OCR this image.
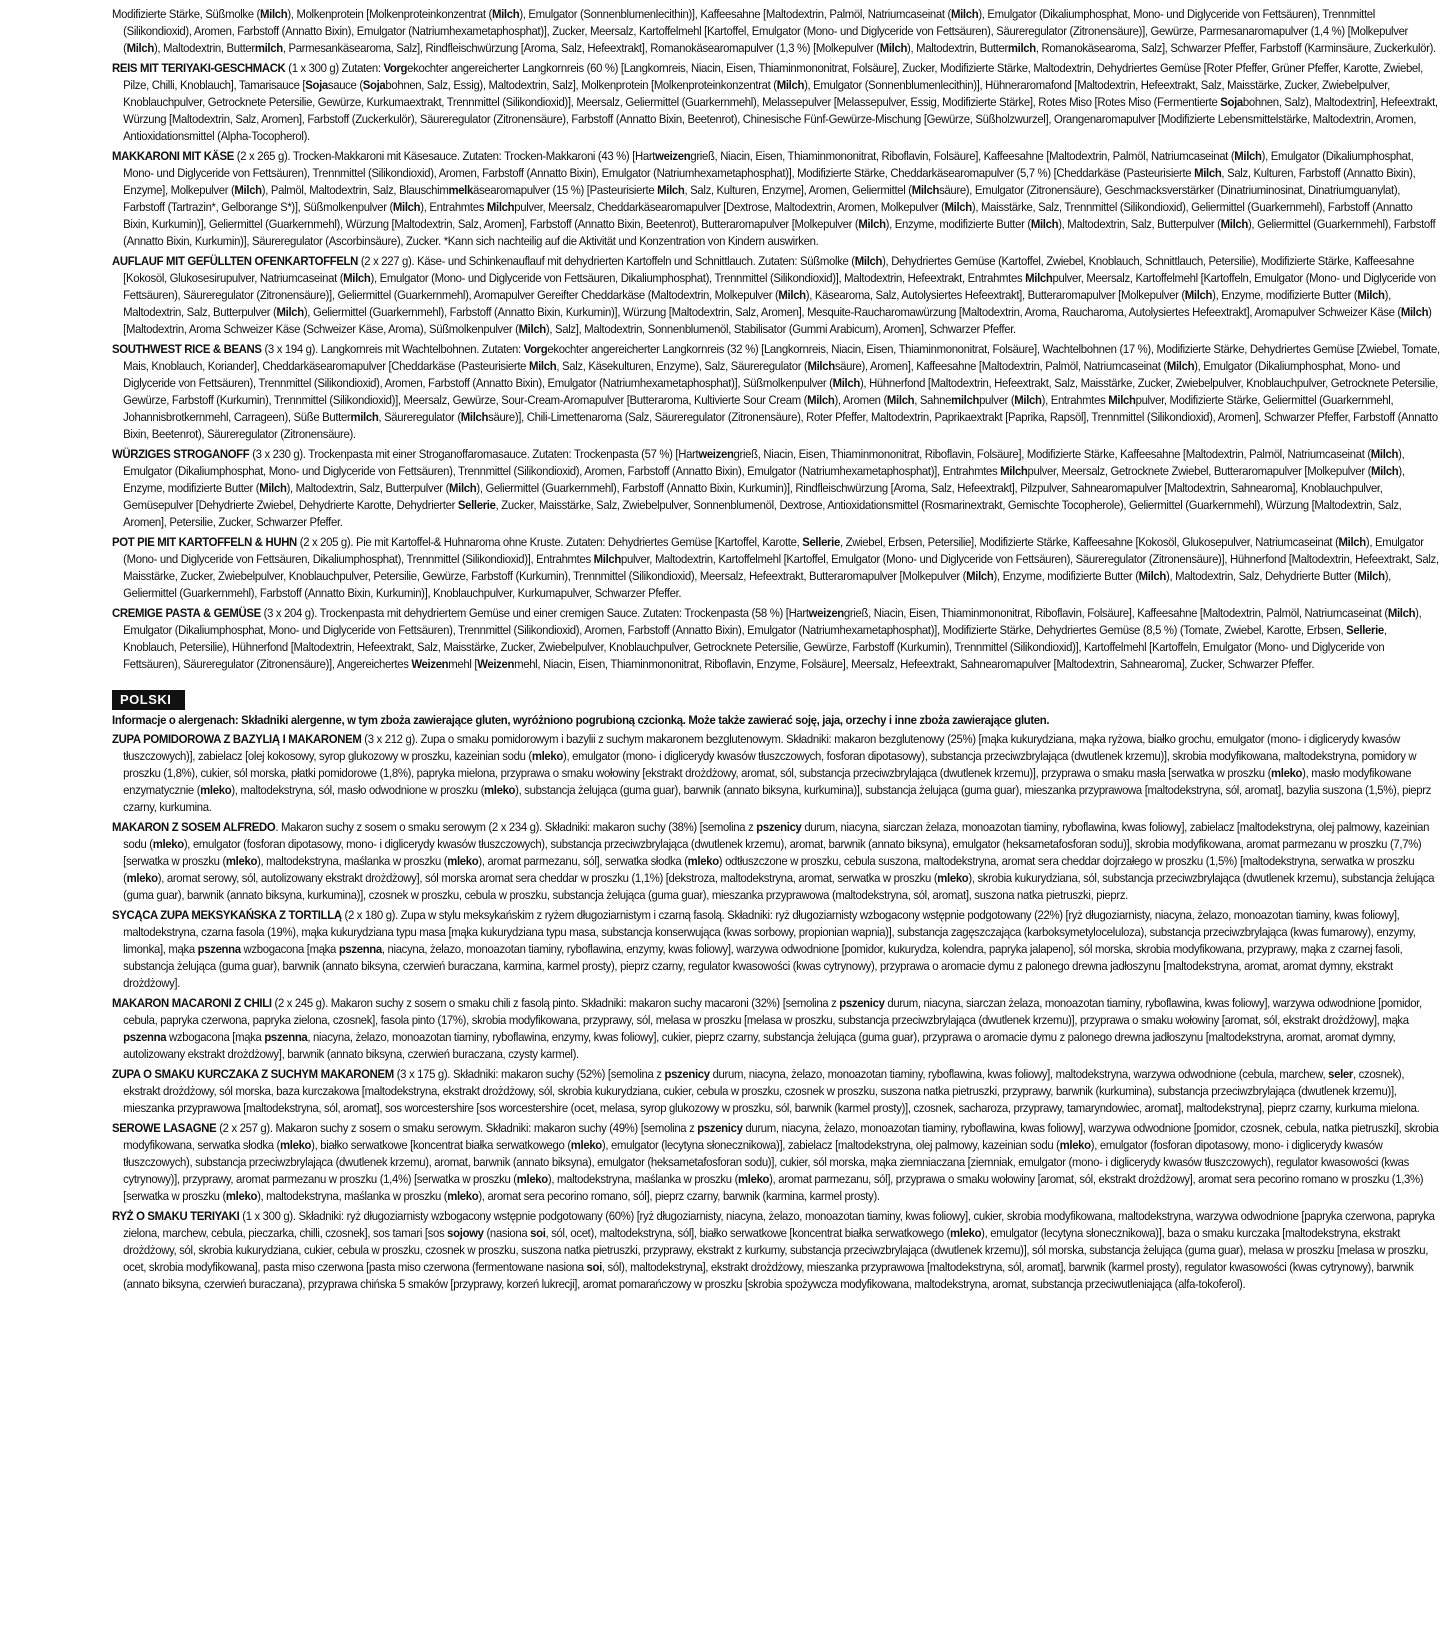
Modifizierte Stärke, Süßmolke (Milch), Molkenprotein [Molkenproteinkonzentrat (Milch), Emulgator (Sonnenblumenlecithin)], Kaffeesahne [Maltodextrin, Palmöl, Natriumcaseinat (Milch), Emulgator (Dikaliumphosphat, Mono- und Diglyceride von Fettsäuren), Trennmittel (Silikondioxid), Aromen, Farbstoff (Annatto Bixin), Emulgator (Natriumhexametaphosphat)], Zucker, Meersalz, Kartoffelmehl [Kartoffel, Emulgator (Mono- und Diglyceride von Fettsäuren), Säureregulator (Zitronensäure)], Gewürze, Parmesanaromapulver (1,4 %) [Molkepulver (Milch), Maltodextrin, Buttermilch, Parmesankäsearoma, Salz], Rindfleischwürzung [Aroma, Salz, Hefeextrakt], Romanokäsearomapulver (1,3 %) [Molkepulver (Milch), Maltodextrin, Buttermilch, Romanokäsearoma, Salz], Schwarzer Pfeffer, Farbstoff (Karminsäure, Zuckerkulör).

REIS MIT TERIYAKI-GESCHMACK (1 x 300 g) Zutaten: Vorgekochter angereicherter Langkornreis (60 %) [Langkornreis, Niacin, Eisen, Thiaminmononitrat, Folsäure], Zucker, Modifizierte Stärke, Maltodextrin, Dehydriertes Gemüse [Roter Pfeffer, Grüner Pfeffer, Karotte, Zwiebel, Pilze, Chilli, Knoblauch], Tamarisauce [Sojasauce (Sojabohnen, Salz, Essig), Maltodextrin, Salz], Molkenprotein [Molkenproteinkonzentrat (Milch), Emulgator (Sonnenblumenlecithin)], Hühneraromafond [Maltodextrin, Hefeextrakt, Salz, Maisstärke, Zucker, Zwiebelpulver, Knoblauchpulver, Getrocknete Petersilie, Gewürze, Kurkumaextrakt, Trennmittel (Silikondioxid)], Meersalz, Geliermittel (Guarkernmehl), Melassepulver [Melassepulver, Essig, Modifizierte Stärke], Rotes Miso [Rotes Miso (Fermentierte Sojabohnen, Salz), Maltodextrin], Hefeextrakt, Würzung [Maltodextrin, Salz, Aromen], Farbstoff (Zuckerkulör), Säureregulator (Zitronensäure), Farbstoff (Annatto Bixin, Beetenrot), Chinesische Fünf-Gewürze-Mischung [Gewürze, Süßholzwurzel], Orangenaromapulver [Modifizierte Lebensmittelstärke, Maltodextrin, Aromen, Antioxidationsmittel (Alpha-Tocopherol).

MAKKARONI MIT KÄSE (2 x 265 g). Trocken-Makkaroni mit Käsesauce. Zutaten: Trocken-Makkaroni (43 %) [Hartweizengrieß, Niacin, Eisen, Thiaminmononitrat, Riboflavin, Folsäure], Kaffeesahne [Maltodextrin, Palmöl, Natriumcaseinat (Milch), Emulgator (Dikaliumphosphat, Mono- und Diglyceride von Fettsäuren), Trennmittel (Silikondioxid), Aromen, Farbstoff (Annatto Bixin), Emulgator (Natriumhexametaphosphat)], Modifizierte Stärke, Cheddarkäsearomapulver (5,7 %) [Cheddarkäse (Pasteurisierte Milch, Salz, Kulturen, Farbstoff (Annatto Bixin), Enzyme], Molkepulver (Milch), Palmöl, Maltodextrin, Salz, Blauschimmelkäsearomapulver (15 %) [Pasteurisierte Milch, Salz, Kulturen, Enzyme], Aromen, Geliermittel (Milchsäure), Emulgator (Zitronensäure), Geschmacksverstärker (Dinatriuminosinat, Dinatriumguanylat), Farbstoff (Tartrazin*, Gelborange S*)], Süßmolkenpulver (Milch), Entrahmtes Milchpulver, Meersalz, Cheddarkäsearomapulver [Dextrose, Maltodextrin, Aromen, Molkepulver (Milch), Maisstärke, Salz, Trennmittel (Silikondioxid), Geliermittel (Guarkernmehl), Farbstoff (Annatto Bixin, Kurkumin)], Geliermittel (Guarkernmehl), Würzung [Maltodextrin, Salz, Aromen], Farbstoff (Annatto Bixin, Beetenrot), Butteraromapulver [Molkepulver (Milch), Enzyme, modifizierte Butter (Milch), Maltodextrin, Salz, Butterpulver (Milch), Geliermittel (Guarkernmehl), Farbstoff (Annatto Bixin, Kurkumin)], Säureregulator (Ascorbinsäure), Zucker. *Kann sich nachteilig auf die Aktivität und Konzentration von Kindern auswirken.

AUFLAUF MIT GEFÜLLTEN OFENKARTOFFELN (2 x 227 g). Käse- und Schinkenauflauf mit dehydrierten Kartoffeln und Schnittlauch. Zutaten: Süßmolke (Milch), Dehydriertes Gemüse (Kartoffel, Zwiebel, Knoblauch, Schnittlauch, Petersilie), Modifizierte Stärke, Kaffeesahne [Kokosöl, Glukosesirupulver, Natriumcaseinat (Milch), Emulgator (Mono- und Diglyceride von Fettsäuren, Dikaliumphosphat), Trennmittel (Silikondioxid)], Maltodextrin, Hefeextrakt, Entrahmtes Milchpulver, Meersalz, Kartoffelmehl [Kartoffeln, Emulgator (Mono- und Diglyceride von Fettsäuren), Säureregulator (Zitronensäure)], Geliermittel (Guarkernmehl), Aromapulver Gereifter Cheddarkäse (Maltodextrin, Molkepulver (Milch), Käsearoma, Salz, Autolysiertes Hefeextrakt], Butteraromapulver [Molkepulver (Milch), Enzyme, modifizierte Butter (Milch), Maltodextrin, Salz, Butterpulver (Milch), Geliermittel (Guarkernmehl), Farbstoff (Annatto Bixin, Kurkumin)], Würzung [Maltodextrin, Salz, Aromen], Mesquite-Raucharomawürzung [Maltodextrin, Aroma, Raucharoma, Autolysiertes Hefeextrakt], Aromapulver Schweizer Käse (Milch) [Maltodextrin, Aroma Schweizer Käse (Schweizer Käse, Aroma), Süßmolkenpulver (Milch), Salz], Maltodextrin, Sonnenblumenöl, Stabilisator (Gummi Arabicum), Aromen], Schwarzer Pfeffer.

SOUTHWEST RICE & BEANS (3 x 194 g). Langkornreis mit Wachtelbohnen. Zutaten: Vorgekochter angereicherter Langkornreis (32 %) [Langkornreis, Niacin, Eisen, Thiaminmononitrat, Folsäure], Wachtelbohnen (17 %), Modifizierte Stärke, Dehydriertes Gemüse [Zwiebel, Tomate, Mais, Knoblauch, Koriander], Cheddarkäsearomapulver [Cheddarkäse (Pasteurisierte Milch, Salz, Käsekulturen, Enzyme), Salz, Säureregulator (Milchsäure), Aromen], Kaffeesahne [Maltodextrin, Palmöl, Natriumcaseinat (Milch), Emulgator (Dikaliumphosphat, Mono- und Diglyceride von Fettsäuren), Trennmittel (Silikondioxid), Aromen, Farbstoff (Annatto Bixin), Emulgator (Natriumhexametaphosphat)], Süßmolkenpulver (Milch), Hühnerfond [Maltodextrin, Hefeextrakt, Salz, Maisstärke, Zucker, Zwiebelpulver, Knoblauchpulver, Getrocknete Petersilie, Gewürze, Farbstoff (Kurkumin), Trennmittel (Silikondioxid)], Meersalz, Gewürze, Sour-Cream-Aromapulver [Butteraroma, Kultivierte Sour Cream (Milch), Aromen (Milch, Sahnemilchpulver (Milch), Entrahmtes Milchpulver, Modifizierte Stärke, Geliermittel (Guarkernmehl, Johannisbrotkernmehl, Carrageen), Süße Buttermilch, Säureregulator (Milchsäure)], Chili-Limettenaroma (Salz, Säureregulator (Zitronensäure), Roter Pfeffer, Maltodextrin, Paprikaextrakt [Paprika, Rapsöl], Trennmittel (Silikondioxid), Aromen], Schwarzer Pfeffer, Farbstoff (Annatto Bixin, Beetenrot), Säureregulator (Zitronensäure).

WÜRZIGES STROGANOFF (3 x 230 g). Trockenpasta mit einer Stroganoffaromasauce. Zutaten: Trockenpasta (57 %) [Hartweizengrieß, Niacin, Eisen, Thiaminmononitrat, Riboflavin, Folsäure], Modifizierte Stärke, Kaffeesahne [Maltodextrin, Palmöl, Natriumcaseinat (Milch), Emulgator (Dikaliumphosphat, Mono- und Diglyceride von Fettsäuren), Trennmittel (Silikondioxid), Aromen, Farbstoff (Annatto Bixin), Emulgator (Natriumhexametaphosphat)], Entrahmtes Milchpulver, Meersalz, Getrocknete Zwiebel, Butteraromapulver [Molkepulver (Milch), Enzyme, modifizierte Butter (Milch), Maltodextrin, Salz, Butterpulver (Milch), Geliermittel (Guarkernmehl), Farbstoff (Annatto Bixin, Kurkumin)], Rindfleischwürzung [Aroma, Salz, Hefeextrakt], Pilzpulver, Sahnearomapulver [Maltodextrin, Sahnearoma], Knoblauchpulver, Gemüsepulver [Dehydrierte Zwiebel, Dehydrierte Karotte, Dehydrierter Sellerie, Zucker, Maisstärke, Salz, Zwiebelpulver, Sonnenblumenöl, Dextrose, Antioxidationsmittel (Rosmarinextrakt, Gemischte Tocopherole), Geliermittel (Guarkernmehl), Würzung [Maltodextrin, Salz, Aromen], Petersilie, Zucker, Schwarzer Pfeffer.

POT PIE MIT KARTOFFELN & HUHN (2 x 205 g). Pie mit Kartoffel-& Huhnaroma ohne Kruste. Zutaten: Dehydriertes Gemüse [Kartoffel, Karotte, Sellerie, Zwiebel, Erbsen, Petersilie], Modifizierte Stärke, Kaffeesahne [Kokosöl, Glukosepulver, Natriumcaseinat (Milch), Emulgator (Mono- und Diglyceride von Fettsäuren, Dikaliumphosphat), Trennmittel (Silikondioxid)], Entrahmtes Milchpulver, Maltodextrin, Kartoffelmehl [Kartoffel, Emulgator (Mono- und Diglyceride von Fettsäuren), Säureregulator (Zitronensäure)], Hühnerfond [Maltodextrin, Hefeextrakt, Salz, Maisstärke, Zucker, Zwiebelpulver, Knoblauchpulver, Petersilie, Gewürze, Farbstoff (Kurkumin), Trennmittel (Silikondioxid), Meersalz, Hefeextrakt, Butteraromapulver [Molkepulver (Milch), Enzyme, modifizierte Butter (Milch), Maltodextrin, Salz, Dehydrierte Butter (Milch), Geliermittel (Guarkernmehl), Farbstoff (Annatto Bixin, Kurkumin)], Knoblauchpulver, Kurkumapulver, Schwarzer Pfeffer.

CREMIGE PASTA & GEMÜSE (3 x 204 g). Trockenpasta mit dehydriertem Gemüse und einer cremigen Sauce. Zutaten: Trockenpasta (58 %) [Hartweizengrieß, Niacin, Eisen, Thiaminmononitrat, Riboflavin, Folsäure], Kaffeesahne [Maltodextrin, Palmöl, Natriumcaseinat (Milch), Emulgator (Dikaliumphosphat, Mono- und Diglyceride von Fettsäuren), Trennmittel (Silikondioxid), Aromen, Farbstoff (Annatto Bixin), Emulgator (Natriumhexametaphosphat)], Modifizierte Stärke, Dehydriertes Gemüse (8,5 %) (Tomate, Zwiebel, Karotte, Erbsen, Sellerie, Knoblauch, Petersilie), Hühnerfond [Maltodextrin, Hefeextrakt, Salz, Maisstärke, Zucker, Zwiebelpulver, Knoblauchpulver, Getrocknete Petersilie, Gewürze, Farbstoff (Kurkumin), Trennmittel (Silikondioxid)], Kartoffelmehl [Kartoffeln, Emulgator (Mono- und Diglyceride von Fettsäuren), Säureregulator (Zitronensäure)], Angereichertes Weizenmehl [Weizenmehl, Niacin, Eisen, Thiaminmononitrat, Riboflavin, Enzyme, Folsäure], Meersalz, Hefeextrakt, Sahnearomapulver [Maltodextrin, Sahnearoma], Zucker, Schwarzer Pfeffer.

POLSKI
Informacje o alergenach: Składniki alergenne, w tym zboża zawierające gluten, wyróżniono pogrubioną czcionką. Może także zawierać soję, jaja, orzechy i inne zboża zawierające gluten.

ZUPA POMIDOROWA Z BAZYLIĄ I MAKARONEM (3 x 212 g). Zupa o smaku pomidorowym i bazylii z suchym makaronem bezglutenowym. Składniki: makaron bezglutenowy (25%) [mąka kukurydziana, mąka ryżowa, białko grochu, emulgator (mono- i diglicerydy kwasów tłuszczowych)], zabielacz [olej kokosowy, syrop glukozowy w proszku, kazeinian sodu (mleko), emulgator (mono- i diglicerydy kwasów tłuszczowych, fosforan dipotasowy), substancja przeciwzbrylająca (dwutlenek krzemu)], skrobia modyfikowana, maltodekstryna, pomidory w proszku (1,8%), cukier, sól morska, płatki pomidorowe (1,8%), papryka mielona, przyprawa o smaku wołowiny [ekstrakt drożdżowy, aromat, sól, substancja przeciwzbrylająca (dwutlenek krzemu)], przyprawa o smaku masła [serwatka w proszku (mleko), masło modyfikowane enzymatycznie (mleko), maltodekstryna, sól, masło odwodnione w proszku (mleko), substancja żelująca (guma guar), barwnik (annato biksyna, kurkumina)], substancja żelująca (guma guar), mieszanka przyprawowa [maltodekstryna, sól, aromat], bazylia suszona (1,5%), pieprz czarny, kurkumina.

MAKARON Z SOSEM ALFREDO. Makaron suchy z sosem o smaku serowym (2 x 234 g). Składniki: makaron suchy (38%) [semolina z pszenicy durum, niacyna, siarczan żelaza, monoazotan tiaminy, ryboflawina, kwas foliowy], zabielacz [maltodekstryna, olej palmowy, kazeinian sodu (mleko), emulgator (fosforan dipotasowy, mono- i diglicerydy kwasów tłuszczowych), substancja przeciwzbrylająca (dwutlenek krzemu), aromat, barwnik (annato biksyna), emulgator (heksametafosforan sodu)], skrobia modyfikowana, aromat parmezanu w proszku (7,7%) [serwatka w proszku (mleko), maltodekstryna, maślanka w proszku (mleko), aromat parmezanu, sól], serwatka słodka (mleko) odtłuszczone w proszku, cebula suszona, maltodekstryna, aromat sera cheddar dojrzałego w proszku (1,5%) [maltodekstryna, serwatka w proszku (mleko), aromat serowy, sól, autolizowany ekstrakt drożdżowy], sól morska aromat sera cheddar w proszku (1,1%) [dekstroza, maltodekstryna, aromat, serwatka w proszku (mleko), skrobia kukurydziana, sól, substancja przeciwzbrylająca (dwutlenek krzemu), substancja żelująca (guma guar), barwnik (annato biksyna, kurkumina)], czosnek w proszku, cebula w proszku, substancja żelująca (guma guar), mieszanka przyprawowa (maltodekstryna, sól, aromat], suszona natka pietruszki, pieprz.

SYCĄCA ZUPA MEKSYKAŃSKA Z TORTILLĄ (2 x 180 g). Zupa w stylu meksykańskim z ryżem długoziarnistym i czarną fasolą. Składniki: ryż długoziarnisty wzbogacony wstępnie podgotowany (22%) [ryż długoziarnisty, niacyna, żelazo, monoazotan tiaminy, kwas foliowy], maltodekstryna, czarna fasola (19%), mąka kukurydziana typu masa [mąka kukurydziana typu masa, substancja konserwująca (kwas sorbowy, propionian wapnia)], substancja zagęszczająca (karboksymetyloceluloza), substancja przeciwzbrylająca (kwas fumarowy), enzymy, limonka], mąka pszenna wzbogacona [mąka pszenna, niacyna, żelazo, monoazotan tiaminy, ryboflawina, enzymy, kwas foliowy], warzywa odwodnione [pomidor, kukurydza, kolendra, papryka jalapeno], sól morska, skrobia modyfikowana, przyprawy, mąka z czarnej fasoli, substancja żelująca (guma guar), barwnik (annato biksyna, czerwień buraczana, karmina, karmel prosty), pieprz czarny, regulator kwasowości (kwas cytrynowy), przyprawa o aromacie dymu z palonego drewna jadłoszynu [maltodekstryna, aromat, aromat dymny, ekstrakt drożdżowy].

MAKARON MACARONI Z CHILI (2 x 245 g). Makaron suchy z sosem o smaku chili z fasolą pinto. Składniki: makaron suchy macaroni (32%) [semolina z pszenicy durum, niacyna, siarczan żelaza, monoazotan tiaminy, ryboflawina, kwas foliowy], warzywa odwodnione [pomidor, cebula, papryka czerwona, papryka zielona, czosnek], fasola pinto (17%), skrobia modyfikowana, przyprawy, sól, melasa w proszku [melasa w proszku, substancja przeciwzbrylająca (dwutlenek krzemu)], przyprawa o smaku wołowiny [aromat, sól, ekstrakt drożdżowy], mąka pszenna wzbogacona [mąka pszenna, niacyna, żelazo, monoazotan tiaminy, ryboflawina, enzymy, kwas foliowy], cukier, pieprz czarny, substancja żelująca (guma guar), przyprawa o aromacie dymu z palonego drewna jadłoszynu [maltodekstryna, aromat, aromat dymny, autolizowany ekstrakt drożdżowy], barwnik (annato biksyna, czerwień buraczana, czysty karmel).

ZUPA O SMAKU KURCZAKA Z SUCHYM MAKARONEM (3 x 175 g). Składniki: makaron suchy (52%) [semolina z pszenicy durum, niacyna, żelazo, monoazotan tiaminy, ryboflawina, kwas foliowy], maltodekstryna, warzywa odwodnione (cebula, marchew, seler, czosnek), ekstrakt drożdżowy, sól morska, baza kurczakowa [maltodekstryna, ekstrakt drożdżowy, sól, skrobia kukurydziana, cukier, cebula w proszku, czosnek w proszku, suszona natka pietruszki, przyprawy, barwnik (kurkumina), substancja przeciwzbrylająca (dwutlenek krzemu)], mieszanka przyprawowa [maltodekstryna, sól, aromat], sos worcestershire [sos worcestershire (ocet, melasa, syrop glukozowy w proszku, sól, barwnik (karmel prosty)], czosnek, sacharoza, przyprawy, tamaryndowiec, aromat], maltodekstryna], pieprz czarny, kurkuma mielona.

SEROWE LASAGNE (2 x 257 g). Makaron suchy z sosem o smaku serowym. Składniki: makaron suchy (49%) [semolina z pszenicy durum, niacyna, żelazo, monoazotan tiaminy, ryboflawina, kwas foliowy], warzywa odwodnione [pomidor, czosnek, cebula, natka pietruszki], skrobia modyfikowana, serwatka słodka (mleko), białko serwatkowe [koncentrat białka serwatkowego (mleko), emulgator (lecytyna słonecznikowa)], zabielacz [maltodekstryna, olej palmowy, kazeinian sodu (mleko), emulgator (fosforan dipotasowy, mono- i diglicerydy kwasów tłuszczowych), substancja przeciwzbrylająca (dwutlenek krzemu), aromat, barwnik (annato biksyna), emulgator (heksametafosforan sodu)], cukier, sól morska, mąka ziemniaczana [ziemniak, emulgator (mono- i diglicerydy kwasów tłuszczowych), regulator kwasowości (kwas cytrynowy)], przyprawy, aromat parmezanu w proszku (1,4%) [serwatka w proszku (mleko), maltodekstryna, maślanka w proszku (mleko), aromat parmezanu, sól], przyprawa o smaku wołowiny [aromat, sól, ekstrakt drożdżowy], aromat sera pecorino romano w proszku (1,3%) [serwatka w proszku (mleko), maltodekstryna, maślanka w proszku (mleko), aromat sera pecorino romano, sól], pieprz czarny, barwnik (karmina, karmel prosty).

RYŻ O SMAKU TERIYAKI (1 x 300 g). Składniki: ryż długoziarnisty wzbogacony wstępnie podgotowany (60%) [ryż długoziarnisty, niacyna, żelazo, monoazotan tiaminy, kwas foliowy], cukier, skrobia modyfikowana, maltodekstryna, warzywa odwodnione [papryka czerwona, papryka zielona, marchew, cebula, pieczarka, chilli, czosnek], sos tamari [sos sojowy (nasiona soi, sól, ocet), maltodekstryna, sól], białko serwatkowe [koncentrat białka serwatkowego (mleko), emulgator (lecytyna słonecznikowa)], baza o smaku kurczaka [maltodekstryna, ekstrakt drożdżowy, sól, skrobia kukurydziana, cukier, cebula w proszku, czosnek w proszku, suszona natka pietruszki, przyprawy, ekstrakt z kurkumy, substancja przeciwzbrylająca (dwutlenek krzemu)], sól morska, substancja żelująca (guma guar), melasa w proszku [melasa w proszku, ocet, skrobia modyfikowana], pasta miso czerwona [pasta miso czerwona (fermentowane nasiona soi, sól), maltodekstryna], ekstrakt drożdżowy, mieszanka przyprawowa [maltodekstryna, sól, aromat], barwnik (karmel prosty), regulator kwasowości (kwas cytrynowy), barwnik (annato biksyna, czerwień buraczana), przyprawa chińska 5 smaków [przyprawy, korzeń lukrecji], aromat pomarańczowy w proszku [skrobia spożywcza modyfikowana, maltodekstryna, aromat, substancja przeciwutleniająca (alfa-tokoferol).
